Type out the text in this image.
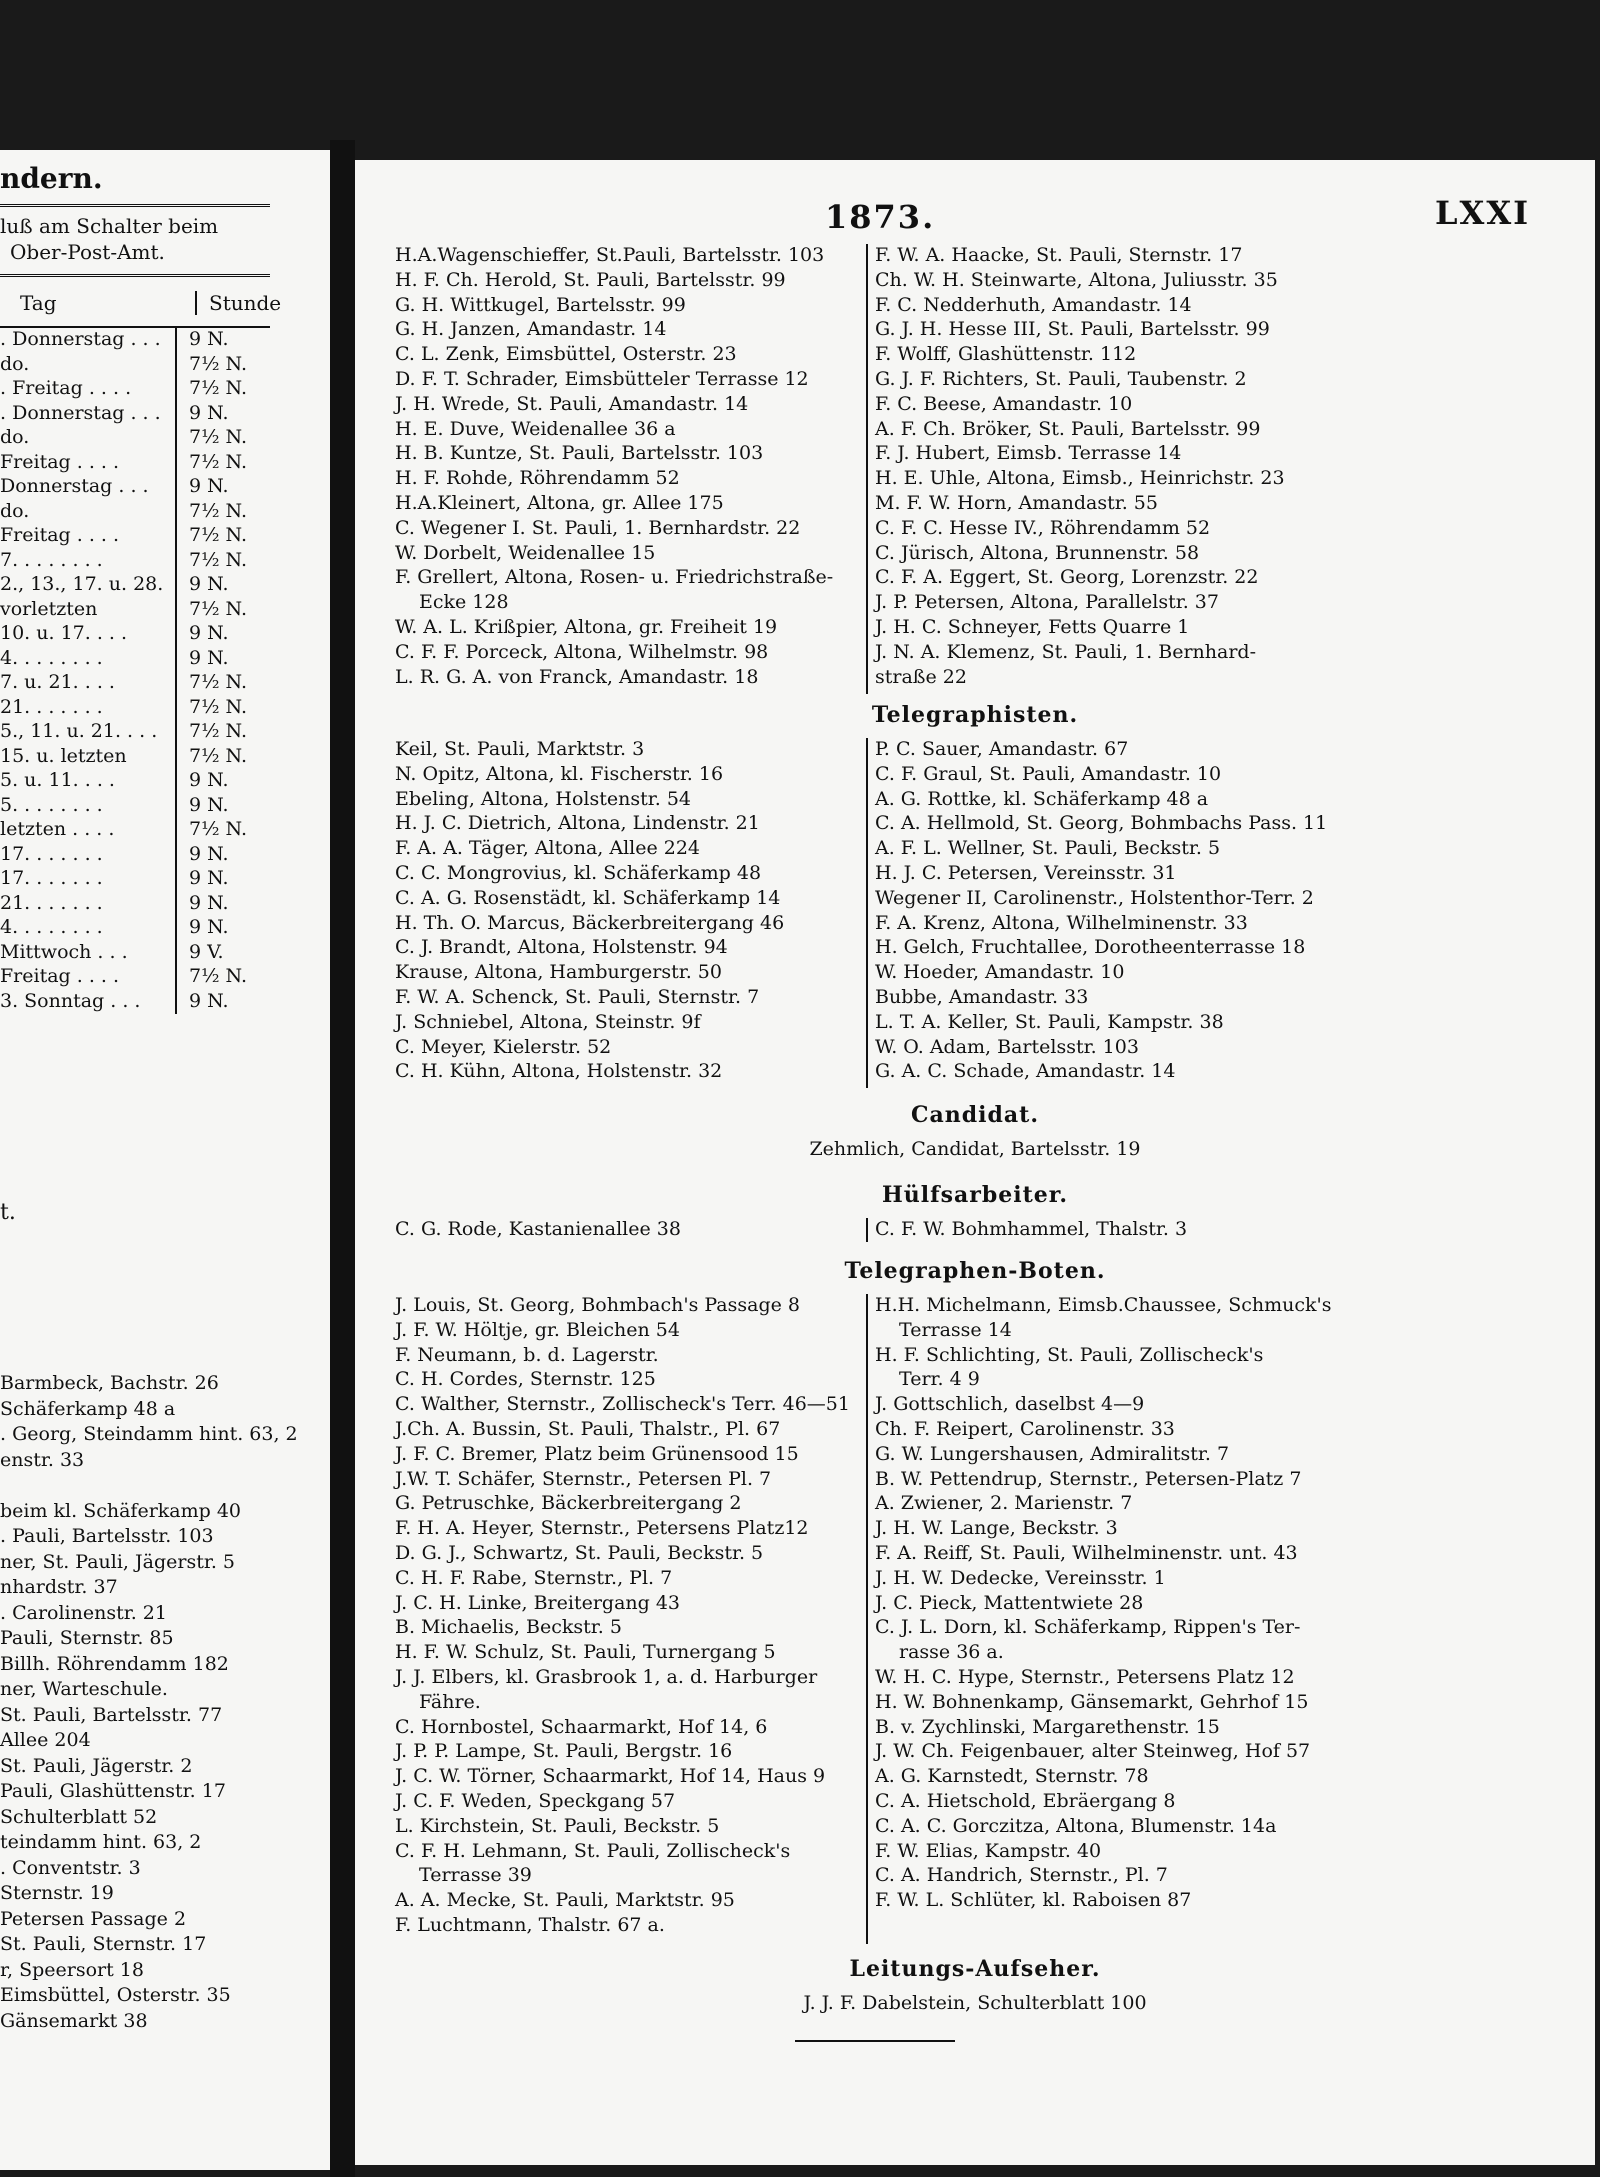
ndern.
luß am Schalter beim
Ober-Post-Amt.
Tag	Stunde
. Donnerstag . . .	9 N.
do.	7½ N.
. Freitag . . . .	7½ N.
. Donnerstag . . .	9 N.
do.	7½ N.
Freitag . . . .	7½ N.
Donnerstag . . .	9 N.
do.	7½ N.
Freitag . . . .	7½ N.
7. . . . . . . .	7½ N.
2., 13., 17. u. 28.	9 N.
vorletzten	7½ N.
10. u. 17. . . .	9 N.
4. . . . . . . .	9 N.
7. u. 21. . . .	7½ N.
21. . . . . . .	7½ N.
5., 11. u. 21. . . .	7½ N.
15. u. letzten	7½ N.
5. u. 11. . . .	9 N.
5. . . . . . . .	9 N.
letzten . . . .	7½ N.
17. . . . . . .	9 N.
17. . . . . . .	9 N.
21. . . . . . .	9 N.
4. . . . . . . .	9 N.
Mittwoch . . .	9 V.
Freitag . . . .	7½ N.
3. Sonntag . . .	9 N.
t.
Barmbeck, Bachstr. 26
Schäferkamp 48 a
. Georg, Steindamm hint. 63, 2
enstr. 33
beim kl. Schäferkamp 40
. Pauli, Bartelsstr. 103
ner, St. Pauli, Jägerstr. 5
nhardstr. 37
. Carolinenstr. 21
Pauli, Sternstr. 85
Billh. Röhrendamm 182
ner, Warteschule.
St. Pauli, Bartelsstr. 77
Allee 204
St. Pauli, Jägerstr. 2
Pauli, Glashüttenstr. 17
Schulterblatt 52
teindamm hint. 63, 2
. Conventstr. 3
Sternstr. 19
Petersen Passage 2
St. Pauli, Sternstr. 17
r, Speersort 18
Eimsbüttel, Osterstr. 35
Gänsemarkt 38
1873.	LXXI
H.A.Wagenschieffer, St.Pauli, Bartelsstr. 103
H. F. Ch. Herold, St. Pauli, Bartelsstr. 99
G. H. Wittkugel, Bartelsstr. 99
G. H. Janzen, Amandastr. 14
C. L. Zenk, Eimsbüttel, Osterstr. 23
D. F. T. Schrader, Eimsbütteler Terrasse 12
J. H. Wrede, St. Pauli, Amandastr. 14
H. E. Duve, Weidenallee 36 a
H. B. Kuntze, St. Pauli, Bartelsstr. 103
H. F. Rohde, Röhrendamm 52
H.A.Kleinert, Altona, gr. Allee 175
C. Wegener I. St. Pauli, 1. Bernhardstr. 22
W. Dorbelt, Weidenallee 15
F. Grellert, Altona, Rosen- u. Friedrichstraße-
Ecke 128
W. A. L. Krißpier, Altona, gr. Freiheit 19
C. F. F. Porceck, Altona, Wilhelmstr. 98
L. R. G. A. von Franck, Amandastr. 18
F. W. A. Haacke, St. Pauli, Sternstr. 17
Ch. W. H. Steinwarte, Altona, Juliusstr. 35
F. C. Nedderhuth, Amandastr. 14
G. J. H. Hesse III, St. Pauli, Bartelsstr. 99
F. Wolff, Glashüttenstr. 112
G. J. F. Richters, St. Pauli, Taubenstr. 2
F. C. Beese, Amandastr. 10
A. F. Ch. Bröker, St. Pauli, Bartelsstr. 99
F. J. Hubert, Eimsb. Terrasse 14
H. E. Uhle, Altona, Eimsb., Heinrichstr. 23
M. F. W. Horn, Amandastr. 55
C. F. C. Hesse IV., Röhrendamm 52
C. Jürisch, Altona, Brunnenstr. 58
C. F. A. Eggert, St. Georg, Lorenzstr. 22
J. P. Petersen, Altona, Parallelstr. 37
J. H. C. Schneyer, Fetts Quarre 1
J. N. A. Klemenz, St. Pauli, 1. Bernhard-
straße 22
Telegraphisten.
Keil, St. Pauli, Marktstr. 3
N. Opitz, Altona, kl. Fischerstr. 16
Ebeling, Altona, Holstenstr. 54
H. J. C. Dietrich, Altona, Lindenstr. 21
F. A. A. Täger, Altona, Allee 224
C. C. Mongrovius, kl. Schäferkamp 48
C. A. G. Rosenstädt, kl. Schäferkamp 14
H. Th. O. Marcus, Bäckerbreitergang 46
C. J. Brandt, Altona, Holstenstr. 94
Krause, Altona, Hamburgerstr. 50
F. W. A. Schenck, St. Pauli, Sternstr. 7
J. Schniebel, Altona, Steinstr. 9f
C. Meyer, Kielerstr. 52
C. H. Kühn, Altona, Holstenstr. 32
P. C. Sauer, Amandastr. 67
C. F. Graul, St. Pauli, Amandastr. 10
A. G. Rottke, kl. Schäferkamp 48 a
C. A. Hellmold, St. Georg, Bohmbachs Pass. 11
A. F. L. Wellner, St. Pauli, Beckstr. 5
H. J. C. Petersen, Vereinsstr. 31
Wegener II, Carolinenstr., Holstenthor-Terr. 2
F. A. Krenz, Altona, Wilhelminenstr. 33
H. Gelch, Fruchtallee, Dorotheenterrasse 18
W. Hoeder, Amandastr. 10
Bubbe, Amandastr. 33
L. T. A. Keller, St. Pauli, Kampstr. 38
W. O. Adam, Bartelsstr. 103
G. A. C. Schade, Amandastr. 14
Candidat.
Zehmlich, Candidat, Bartelsstr. 19
Hülfsarbeiter.
C. G. Rode, Kastanienallee 38	C. F. W. Bohmhammel, Thalstr. 3
Telegraphen-Boten.
J. Louis, St. Georg, Bohmbach's Passage 8
J. F. W. Höltje, gr. Bleichen 54
F. Neumann, b. d. Lagerstr.
C. H. Cordes, Sternstr. 125
C. Walther, Sternstr., Zollischeck's Terr. 46—51
J.Ch. A. Bussin, St. Pauli, Thalstr., Pl. 67
J. F. C. Bremer, Platz beim Grünensood 15
J.W. T. Schäfer, Sternstr., Petersen Pl. 7
G. Petruschke, Bäckerbreitergang 2
F. H. A. Heyer, Sternstr., Petersens Platz12
D. G. J., Schwartz, St. Pauli, Beckstr. 5
C. H. F. Rabe, Sternstr., Pl. 7
J. C. H. Linke, Breitergang 43
B. Michaelis, Beckstr. 5
H. F. W. Schulz, St. Pauli, Turnergang 5
J. J. Elbers, kl. Grasbrook 1, a. d. Harburger
Fähre.
C. Hornbostel, Schaarmarkt, Hof 14, 6
J. P. P. Lampe, St. Pauli, Bergstr. 16
J. C. W. Törner, Schaarmarkt, Hof 14, Haus 9
J. C. F. Weden, Speckgang 57
L. Kirchstein, St. Pauli, Beckstr. 5
C. F. H. Lehmann, St. Pauli, Zollischeck's
Terrasse 39
A. A. Mecke, St. Pauli, Marktstr. 95
F. Luchtmann, Thalstr. 67 a.
H.H. Michelmann, Eimsb.Chaussee, Schmuck's
Terrasse 14
H. F. Schlichting, St. Pauli, Zollischeck's
Terr. 4 9
J. Gottschlich, daselbst 4—9
Ch. F. Reipert, Carolinenstr. 33
G. W. Lungershausen, Admiralitstr. 7
B. W. Pettendrup, Sternstr., Petersen-Platz 7
A. Zwiener, 2. Marienstr. 7
J. H. W. Lange, Beckstr. 3
F. A. Reiff, St. Pauli, Wilhelminenstr. unt. 43
J. H. W. Dedecke, Vereinsstr. 1
J. C. Pieck, Mattentwiete 28
C. J. L. Dorn, kl. Schäferkamp, Rippen's Ter-
rasse 36 a.
W. H. C. Hype, Sternstr., Petersens Platz 12
H. W. Bohnenkamp, Gänsemarkt, Gehrhof 15
B. v. Zychlinski, Margarethenstr. 15
J. W. Ch. Feigenbauer, alter Steinweg, Hof 57
A. G. Karnstedt, Sternstr. 78
C. A. Hietschold, Ebräergang 8
C. A. C. Gorczitza, Altona, Blumenstr. 14a
F. W. Elias, Kampstr. 40
C. A. Handrich, Sternstr., Pl. 7
F. W. L. Schlüter, kl. Raboisen 87
Leitungs-Aufseher.
J. J. F. Dabelstein, Schulterblatt 100
